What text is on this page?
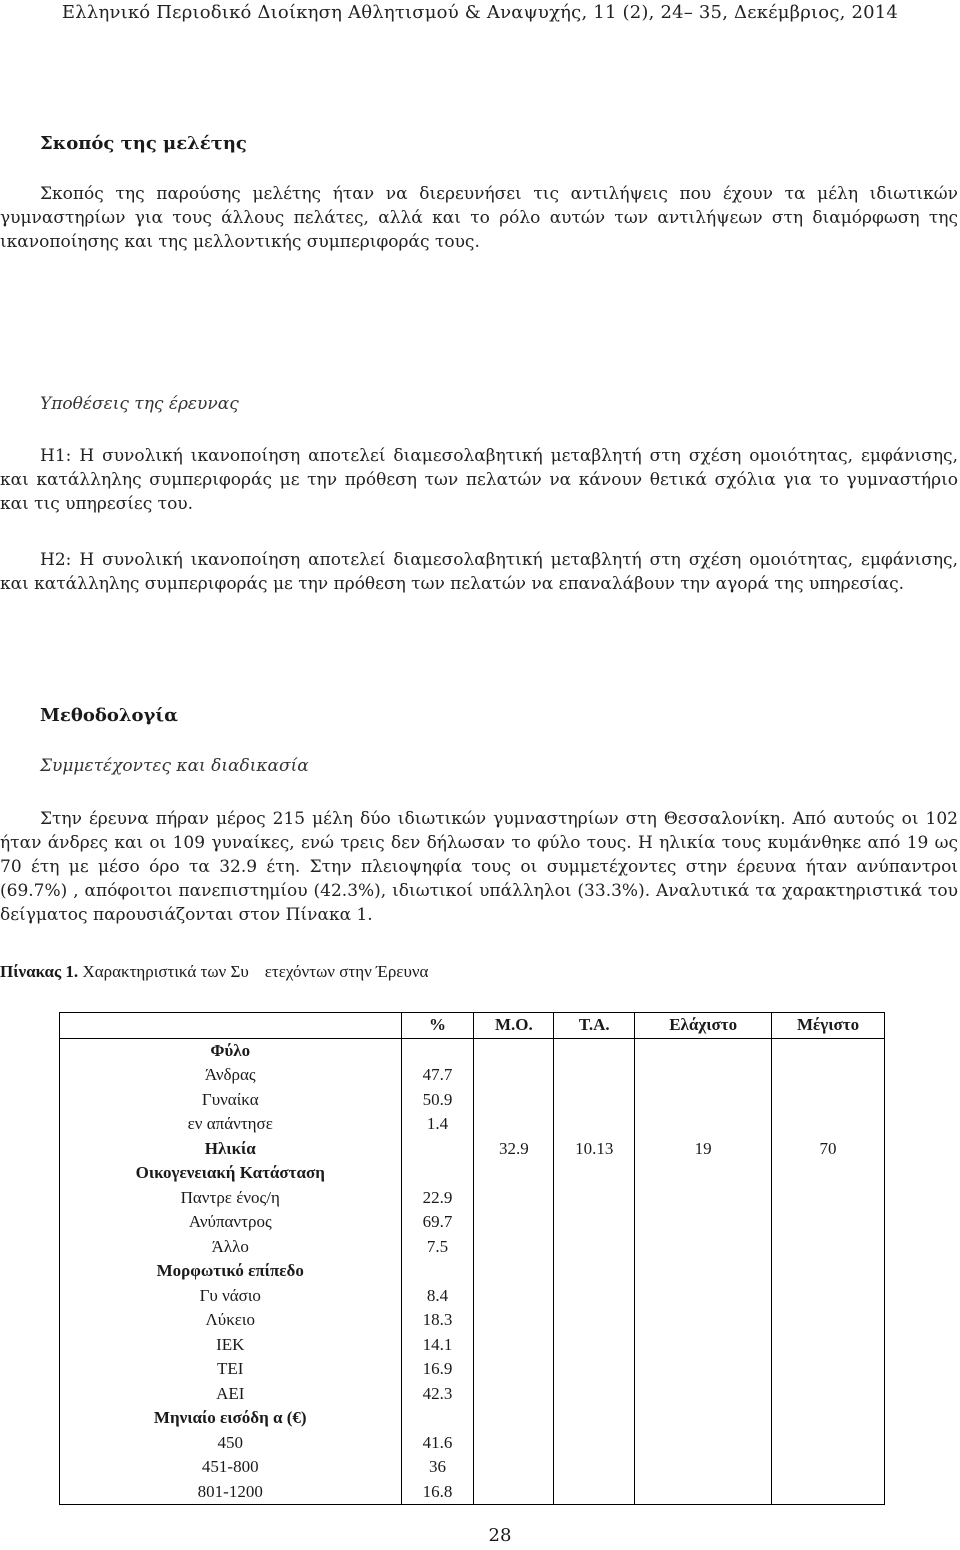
Ελληνικό Περιοδικό Διοίκηση Αθλητισμού & Αναψυχής, 11 (2), 24– 35, Δεκέμβριος, 2014
Σκοπός της μελέτης
Σκοπός της παρούσης μελέτης ήταν να διερευνήσει τις αντιλήψεις που έχουν τα μέλη ιδιωτικών γυμναστηρίων για τους άλλους πελάτες, αλλά και το ρόλο αυτών των αντιλήψεων στη διαμόρφωση της ικανοποίησης και της μελλοντικής συμπεριφοράς τους.
Υποθέσεις της έρευνας
Η1: Η συνολική ικανοποίηση αποτελεί διαμεσολαβητική μεταβλητή στη σχέση ομοιότητας, εμφάνισης, και κατάλληλης συμπεριφοράς με την πρόθεση των πελατών να κάνουν θετικά σχόλια για το γυμναστήριο και τις υπηρεσίες του.
Η2: Η συνολική ικανοποίηση αποτελεί διαμεσολαβητική μεταβλητή στη σχέση ομοιότητας, εμφάνισης, και κατάλληλης συμπεριφοράς με την πρόθεση των πελατών να επαναλάβουν την αγορά της υπηρεσίας.
Μεθοδολογία
Συμμετέχοντες και διαδικασία
Στην έρευνα πήραν μέρος 215 μέλη δύο ιδιωτικών γυμναστηρίων στη Θεσσαλονίκη. Από αυτούς οι 102 ήταν άνδρες και οι 109 γυναίκες, ενώ τρεις δεν δήλωσαν το φύλο τους. Η ηλικία τους κυμάνθηκε από 19 ως 70 έτη με μέσο όρο τα 32.9 έτη. Στην πλειοψηφία τους οι συμμετέχοντες στην έρευνα ήταν ανύπαντροι (69.7%) , απόφοιτοι πανεπιστημίου (42.3%), ιδιωτικοί υπάλληλοι (33.3%). Αναλυτικά τα χαρακτηριστικά του δείγματος παρουσιάζονται στον Πίνακα 1.
Πίνακας 1. Χαρακτηριστικά των Συ ετεχόντων στην Έρευνα
	%	Μ.Ο.	Τ.Α.	Ελάχιστο	Μέγιστο
Φύλο					
Άνδρας	47.7				
Γυναίκα	50.9				
εν απάντησε	1.4				
Ηλικία		32.9	10.13	19	70
Οικογενειακή Κατάσταση					
Παντρε ένος/η	22.9				
Ανύπαντρος	69.7				
Άλλο	7.5				
Μορφωτικό επίπεδο					
Γυ νάσιο	8.4				
Λύκειο	18.3				
ΙΕΚ	14.1				
ΤΕΙ	16.9				
ΑΕΙ	42.3				
Μηνιαίο εισόδη α (€)					
450	41.6				
451-800	36				
801-1200	16.8				
28
